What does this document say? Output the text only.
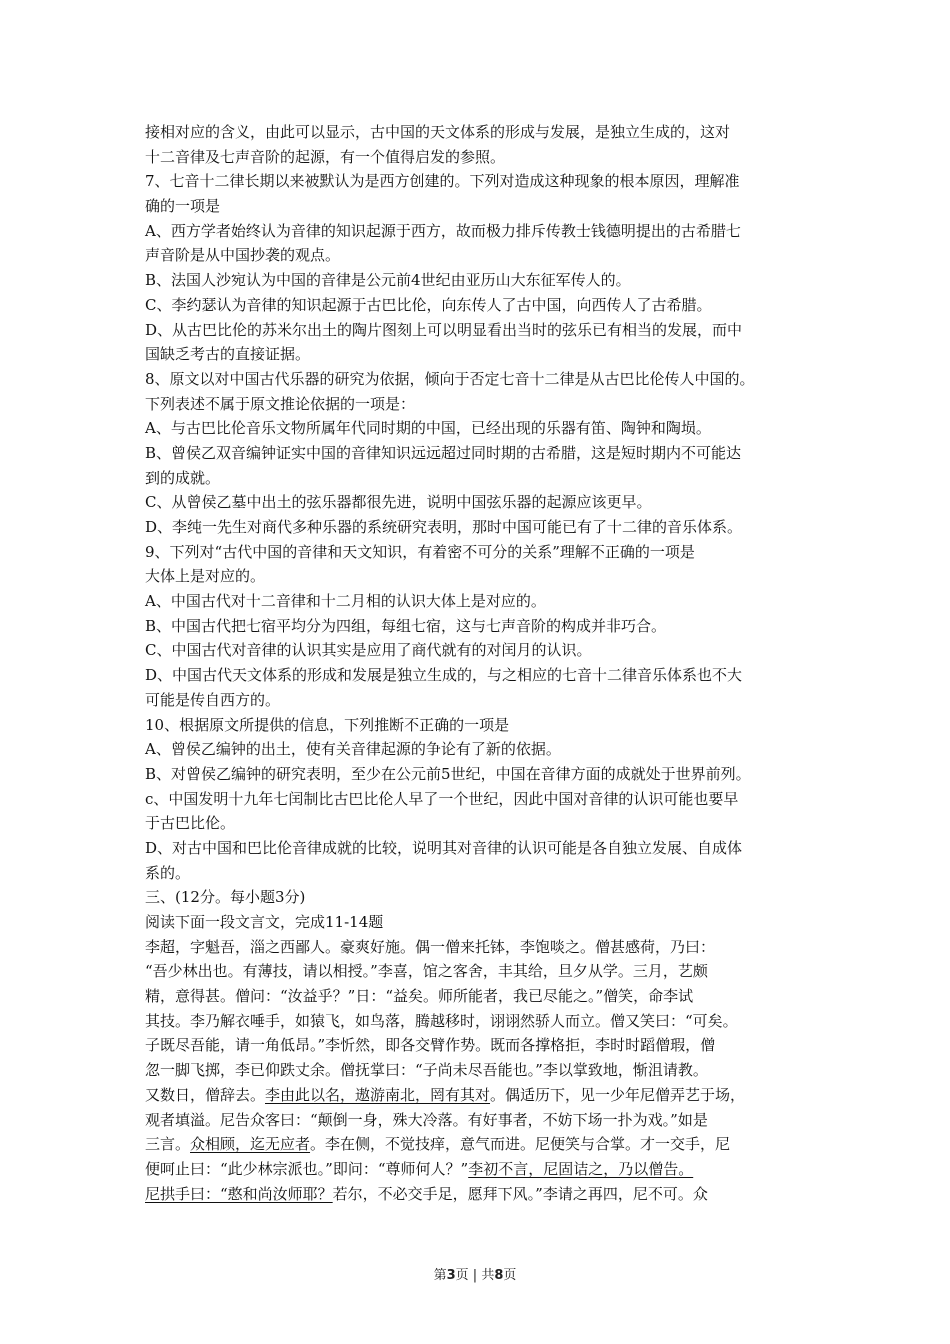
接相对应的含义，由此可以显示，古中国的天文体系的形成与发展，是独立生成的，这对
十二音律及七声音阶的起源，有一个值得启发的参照。
7、七音十二律长期以来被默认为是西方创建的。下列对造成这种现象的根本原因，理解准
确的一项是
A、西方学者始终认为音律的知识起源于西方，故而极力排斥传教士钱德明提出的古希腊七
声音阶是从中国抄袭的观点。
B、法国人沙宛认为中国的音律是公元前4世纪由亚历山大东征军传人的。
C、李约瑟认为音律的知识起源于古巴比伦，向东传人了古中国，向西传人了古希腊。
D、从古巴比伦的苏米尔出土的陶片图刻上可以明显看出当时的弦乐已有相当的发展，而中
国缺乏考古的直接证据。
8、原文以对中国古代乐器的研究为依据，倾向于否定七音十二律是从古巴比伦传人中国的。
下列表述不属于原文推论依据的一项是：
A、与古巴比伦音乐文物所属年代同时期的中国，已经出现的乐器有笛、陶钟和陶埙。
B、曾侯乙双音编钟证实中国的音律知识远远超过同时期的古希腊，这是短时期内不可能达
到的成就。
C、从曾侯乙墓中出土的弦乐器都很先进，说明中国弦乐器的起源应该更早。
D、李纯一先生对商代多种乐器的系统研究表明，那时中国可能已有了十二律的音乐体系。
9、下列对“古代中国的音律和天文知识，有着密不可分的关系”理解不正确的一项是
大体上是对应的。
A、中国古代对十二音律和十二月相的认识大体上是对应的。
B、中国古代把七宿平均分为四组，每组七宿，这与七声音阶的构成并非巧合。
C、中国古代对音律的认识其实是应用了商代就有的对闰月的认识。
D、中国古代天文体系的形成和发展是独立生成的，与之相应的七音十二律音乐体系也不大
可能是传自西方的。
10、根据原文所提供的信息，下列推断不正确的一项是
A、曾侯乙编钟的出土，使有关音律起源的争论有了新的依据。
B、对曾侯乙编钟的研究表明，至少在公元前5世纪，中国在音律方面的成就处于世界前列。
c、中国发明十九年七闰制比古巴比伦人早了一个世纪，因此中国对音律的认识可能也要早
于古巴比伦。
D、对古中国和巴比伦音律成就的比较，说明其对音律的认识可能是各自独立发展、自成体
系的。
三、(12分。每小题3分)
阅读下面一段文言文，完成11-14题
李超，字魁吾，淄之西鄙人。豪爽好施。偶一僧来托钵，李饱啖之。僧甚感荷，乃曰：
“吾少林出也。有薄技，请以相授。”李喜，馆之客舍，丰其给，旦夕从学。三月，艺颇
精，意得甚。僧问：“汝益乎？”日：“益矣。师所能者，我已尽能之。”僧笑，命李试
其技。李乃解衣唾手，如猿飞，如鸟落，腾越移时，诩诩然骄人而立。僧又笑曰：“可矣。
子既尽吾能，请一角低昂。”李忻然，即各交臂作势。既而各撑格拒，李时时蹈僧瑕，僧
忽一脚飞掷，李已仰跌丈余。僧抚掌曰：“子尚未尽吾能也。”李以掌致地，惭沮请教。
又数日，僧辞去。李由此以名，遨游南北，罔有其对。偶适历下，见一少年尼僧弄艺于场，
观者填溢。尼告众客曰：“颠倒一身，殊大冷落。有好事者，不妨下场一扑为戏。”如是
三言。众相顾，迄无应者。李在侧，不觉技痒，意气而进。尼便笑与合掌。才一交手，尼
便呵止曰：“此少林宗派也。”即问：“尊师何人？”李初不言，尼固诘之，乃以僧告。
尼拱手曰：“憨和尚汝师耶？若尔，不必交手足，愿拜下风。”李请之再四，尼不可。众
第3页 | 共8页
